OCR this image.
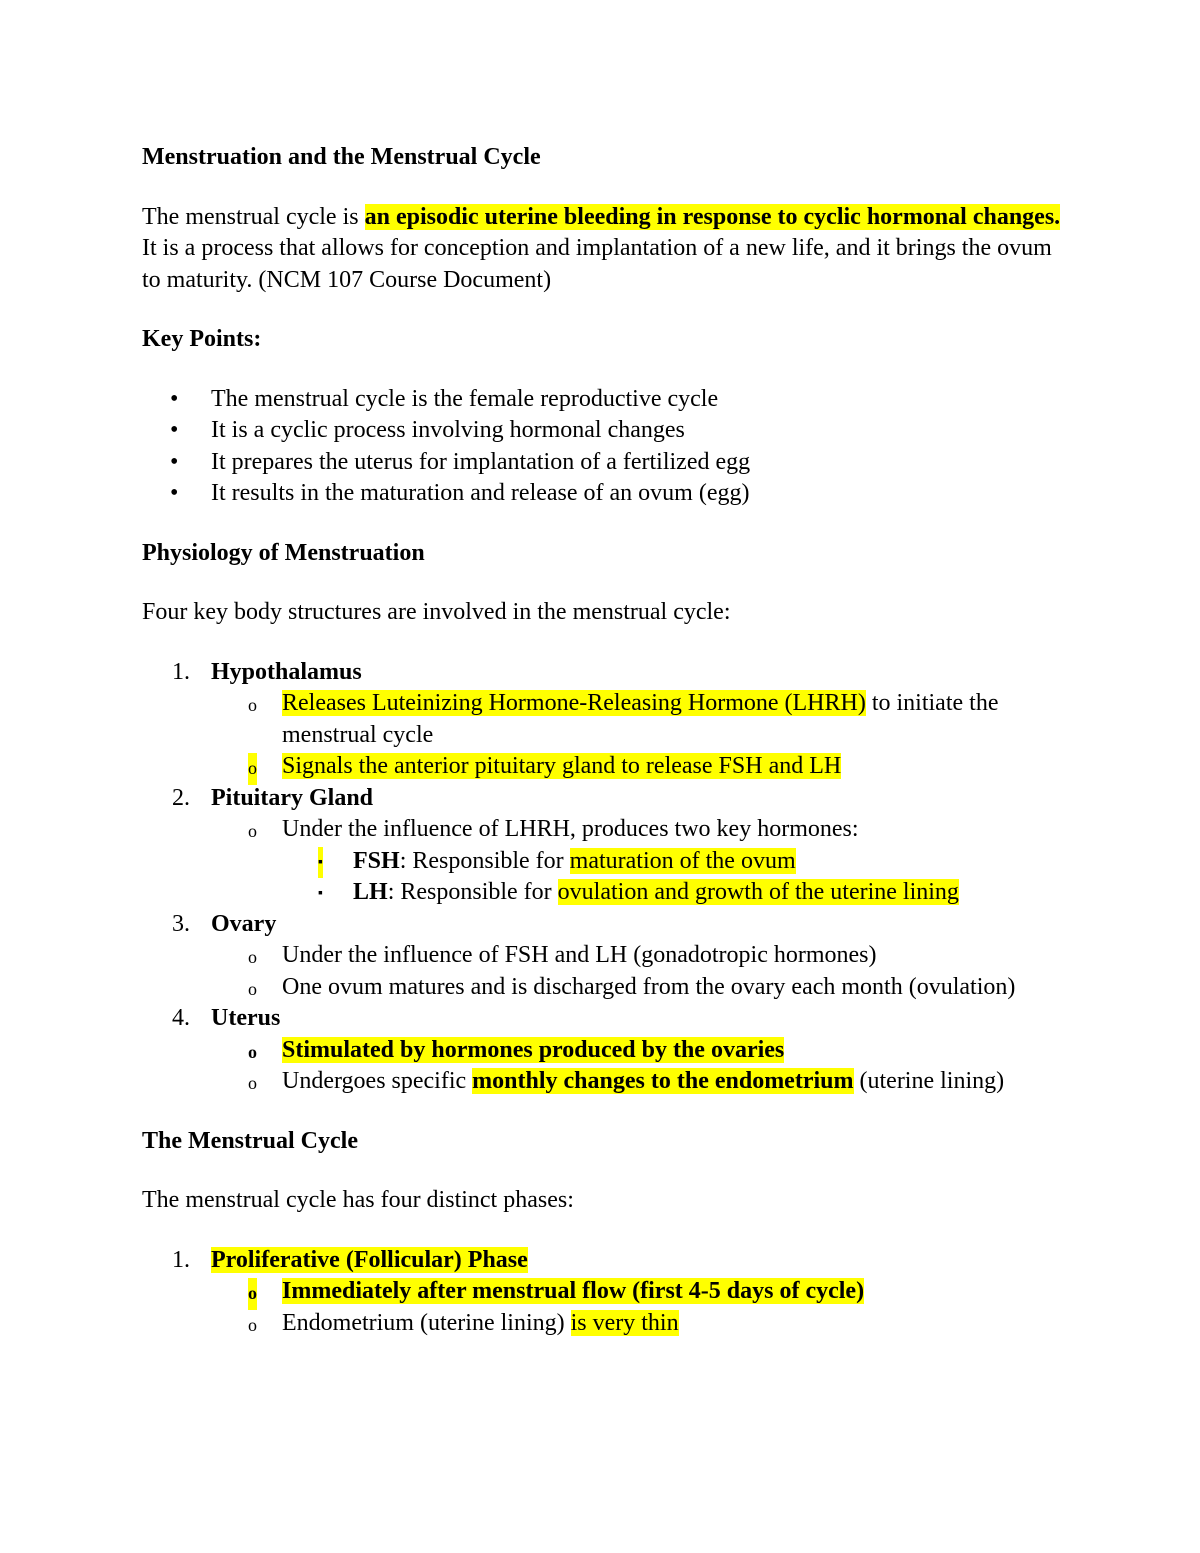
Menstruation and the Menstrual Cycle

The menstrual cycle is an episodic uterine bleeding in response to cyclic hormonal changes. It is a process that allows for conception and implantation of a new life, and it brings the ovum to maturity. (NCM 107 Course Document)

Key Points:

• The menstrual cycle is the female reproductive cycle
• It is a cyclic process involving hormonal changes
• It prepares the uterus for implantation of a fertilized egg
• It results in the maturation and release of an ovum (egg)

Physiology of Menstruation

Four key body structures are involved in the menstrual cycle:

1. Hypothalamus
o Releases Luteinizing Hormone-Releasing Hormone (LHRH) to initiate the menstrual cycle
o Signals the anterior pituitary gland to release FSH and LH
2. Pituitary Gland
o Under the influence of LHRH, produces two key hormones:
▪ FSH: Responsible for maturation of the ovum
▪ LH: Responsible for ovulation and growth of the uterine lining
3. Ovary
o Under the influence of FSH and LH (gonadotropic hormones)
o One ovum matures and is discharged from the ovary each month (ovulation)
4. Uterus
o Stimulated by hormones produced by the ovaries
o Undergoes specific monthly changes to the endometrium (uterine lining)

The Menstrual Cycle

The menstrual cycle has four distinct phases:

1. Proliferative (Follicular) Phase
o Immediately after menstrual flow (first 4-5 days of cycle)
o Endometrium (uterine lining) is very thin
